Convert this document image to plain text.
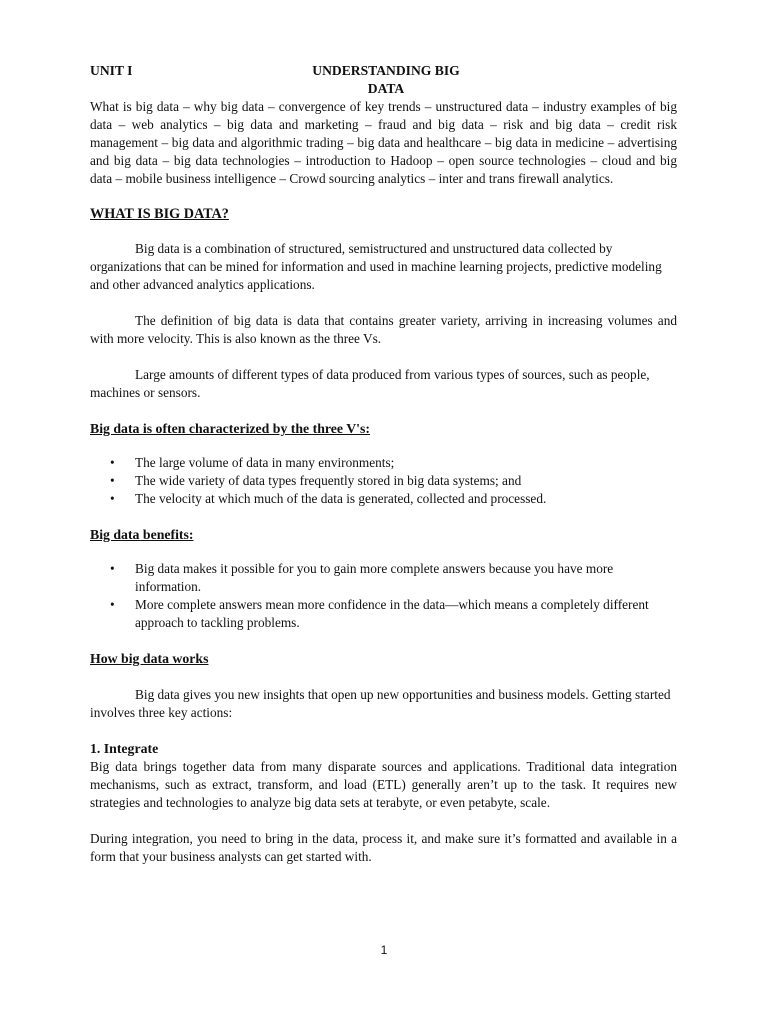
UNIT I	UNDERSTANDING BIG
DATA

What is big data – why big data – convergence of key trends – unstructured data – industry examples of big data – web analytics – big data and marketing – fraud and big data – risk and big data – credit risk management – big data and algorithmic trading – big data and healthcare – big data in medicine – advertising and big data – big data technologies – introduction to Hadoop – open source technologies – cloud and big data – mobile business intelligence – Crowd sourcing analytics – inter and trans firewall analytics.

WHAT IS BIG DATA?

Big data is a combination of structured, semistructured and unstructured data collected by organizations that can be mined for information and used in machine learning projects, predictive modeling and other advanced analytics applications.

The definition of big data is data that contains greater variety, arriving in increasing volumes and with more velocity. This is also known as the three Vs.

Large amounts of different types of data produced from various types of sources, such as people, machines or sensors.

Big data is often characterized by the three V's:

• The large volume of data in many environments;
• The wide variety of data types frequently stored in big data systems; and
• The velocity at which much of the data is generated, collected and processed.

Big data benefits:

• Big data makes it possible for you to gain more complete answers because you have more information.
• More complete answers mean more confidence in the data—which means a completely different approach to tackling problems.

How big data works

Big data gives you new insights that open up new opportunities and business models. Getting started involves three key actions:

1. Integrate

Big data brings together data from many disparate sources and applications. Traditional data integration mechanisms, such as extract, transform, and load (ETL) generally aren’t up to the task. It requires new strategies and technologies to analyze big data sets at terabyte, or even petabyte, scale.

During integration, you need to bring in the data, process it, and make sure it’s formatted and available in a form that your business analysts can get started with.

1
